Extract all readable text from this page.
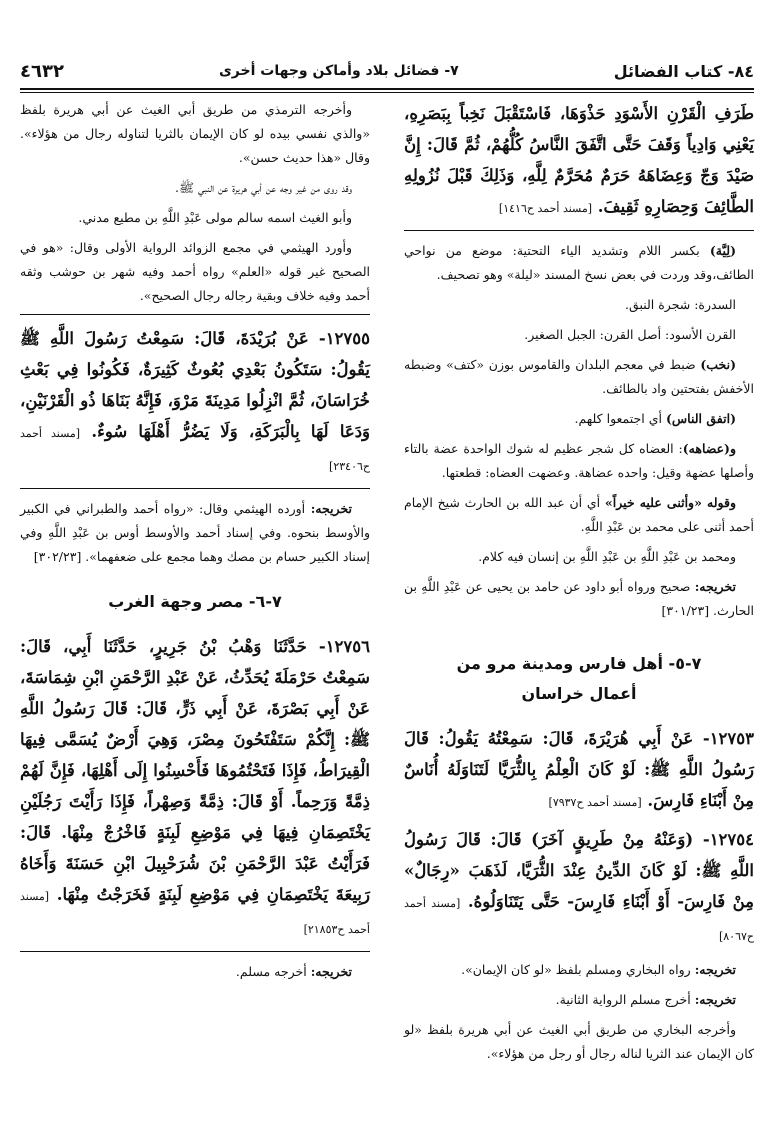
٨٤- كتاب الفضائل
٧- فضائل بلاد وأماكن وجهات أخرى
٤٦٣٢

طَرَفِ الْقَرْنِ الأَسْوَدِ حَذْوَهَا، فَاسْتَقْبَلَ نَخِباً بِبَصَرِهِ، يَعْنِي وَادِياً وَقَفَ حَتَّى اتَّفَقَ النَّاسُ كُلُّهُمْ، ثُمَّ قَالَ: إِنَّ صَيْدَ وَجّ وَعِضَاهَهُ حَرَمٌ مُحَرَّمٌ لِلَّهِ، وَذَلِكَ قَبْلَ نُزُولِهِ الطَّائِفَ وَحِصَارِهِ ثَقِيفَ. [مسند أحمد ح١٤١٦]

(لِيَّة) بكسر اللام وتشديد الياء التحتية: موضع من نواحي الطائف،وقد وردت في بعض نسخ المسند «ليلة» وهو تصحيف.

السدرة: شجرة النبق.

القرن الأسود: أصل القرن: الجبل الصغير.

(نخب) ضبط في معجم البلدان والقاموس بوزن «كتف» وضبطه الأخفش بفتحتين واد بالطائف.

(اتفق الناس) أي اجتمعوا كلهم.

و(عضاهه): العضاه كل شجر عظيم له شوك الواحدة عضة بالتاء وأصلها عضهة وقيل: واحده عضاهة. وعضهت العضاه: قطعتها.

وقوله «وأثنى عليه خيراً» أي أن عبد الله بن الحارث شيخ الإمام أحمد أثنى على محمد بن عَبْدِ اللَّهِ.

ومحمد بن عَبْدِ اللَّهِ بن عَبْدِ اللَّهِ بن إنسان فيه كلام.

تخريجه: صحيح ورواه أبو داود عن حامد بن يحيى عن عَبْدِ اللَّهِ بن الحارث. [٣٠١/٢٣]

٧-٥- أهل فارس ومدينة مرو من
أعمال خراسان

١٢٧٥٣- عَنْ أَبِي هُرَيْرَةَ، قَالَ: سَمِعْتُهُ يَقُولُ: قَالَ رَسُولُ اللَّهِ ﷺ: لَوْ كَانَ الْعِلْمُ بِالثُّرَيَّا لَتَنَاوَلَهُ أُنَاسٌ مِنْ أَبْنَاءِ فَارِسَ. [مسند أحمد ح٧٩٣٧]

١٢٧٥٤- (وَعَنْهُ مِنْ طَرِيقٍ آخَرَ) قَالَ: قَالَ رَسُولُ اللَّهِ ﷺ: لَوْ كَانَ الدِّينُ عِنْدَ الثُّرَيَّا، لَذَهَبَ «رِجَالٌ» مِنْ فَارِسَ- أَوْ أَبْنَاءِ فَارِسَ- حَتَّى يَتَنَاوَلُوهُ. [مسند أحمد ح٨٠٦٧]

تخريجه: رواه البخاري ومسلم بلفظ «لو كان الإيمان».

تخريجه: أخرج مسلم الرواية الثانية.

وأخرجه البخاري من طريق أبي الغيث عن أبي هريرة بلفظ «لو كان الإيمان عند الثريا لناله رجال أو رجل من هؤلاء».

وأخرجه الترمذي من طريق أبي الغيث عن أبي هريرة بلفظ «والذي نفسي بيده لو كان الإيمان بالثريا لتناوله رجال من هؤلاء». وقال «هذا حديث حسن».

وقد روى من غير وجه عن أبي هريرة عن النبي ﷺ.

وأبو الغيث اسمه سالم مولى عَبْدِ اللَّهِ بن مطيع مدني.

وأورد الهيثمي في مجمع الزوائد الرواية الأولى وقال: «هو في الصحيح غير قوله «العلم» رواه أحمد وفيه شهر بن حوشب وثقه أحمد وفيه خلاف وبقية رجاله رجال الصحيح».

١٢٧٥٥- عَنْ بُرَيْدَةَ، قَالَ: سَمِعْتُ رَسُولَ اللَّهِ ﷺ يَقُولُ: سَتَكُونُ بَعْدِي بُعُوثٌ كَثِيرَةٌ، فَكُونُوا فِي بَعْثِ خُرَاسَانَ، ثُمَّ انْزِلُوا مَدِينَةَ مَرْوَ، فَإِنَّهُ بَنَاهَا ذُو الْقَرْنَيْنِ، وَدَعَا لَهَا بِالْبَرَكَةِ، وَلَا يَضُرُّ أَهْلَهَا سُوءٌ. [مسند أحمد ح٢٣٤٠٦]

تخريجه: أورده الهيثمي وقال: «رواه أحمد والطبراني في الكبير والأوسط بنحوه. وفي إسناد أحمد والأوسط أوس بن عَبْدِ اللَّهِ وفي إسناد الكبير حسام بن مصك وهما مجمع على ضعفهما». [٣٠٢/٢٣]

٧-٦- مصر وجهة الغرب

١٢٧٥٦- حَدَّثَنَا وَهْبُ بْنُ جَرِيرٍ، حَدَّثَنَا أَبِي، قَالَ: سَمِعْتُ حَرْمَلَةَ يُحَدِّثُ، عَنْ عَبْدِ الرَّحْمَنِ ابْنِ شِمَاسَةَ، عَنْ أَبِي بَصْرَةَ، عَنْ أَبِي ذَرٍّ، قَالَ: قَالَ رَسُولُ اللَّهِ ﷺ: إِنَّكُمْ سَتَفْتَحُونَ مِصْرَ، وَهِيَ أَرْضٌ يُسَمَّى فِيهَا الْقِيرَاطُ، فَإِذَا فَتَحْتُمُوهَا فَأَحْسِنُوا إِلَى أَهْلِهَا، فَإِنَّ لَهُمْ ذِمَّةً وَرَحِماً. أَوْ قَالَ: ذِمَّةً وَصِهْراً، فَإِذَا رَأَيْتَ رَجُلَيْنِ يَخْتَصِمَانِ فِيهَا فِي مَوْضِعِ لَبِنَةٍ فَاخْرُجْ مِنْهَا. قَالَ: فَرَأَيْتُ عَبْدَ الرَّحْمَنِ بْنَ شُرَحْبِيلَ ابْنِ حَسَنَةَ وَأَخَاهُ رَبِيعَةَ يَخْتَصِمَانِ فِي مَوْضِعِ لَبِنَةٍ فَخَرَجْتُ مِنْهَا. [مسند أحمد ح٢١٨٥٣]

تخريجه: أخرجه مسلم.
